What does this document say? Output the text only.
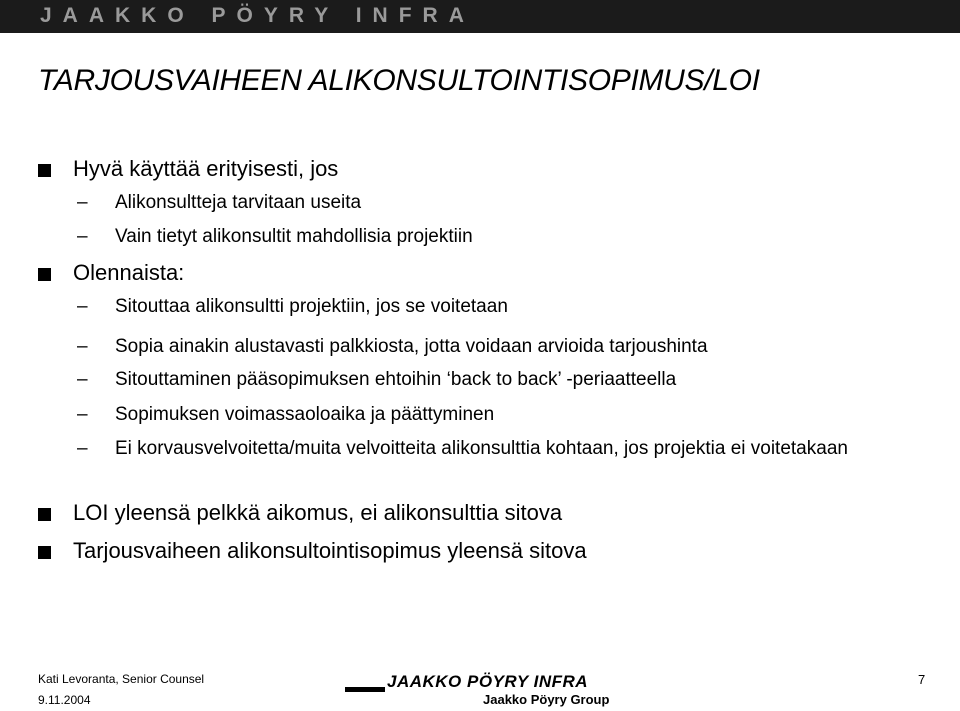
JAAKKO PÖYRY INFRA
TARJOUSVAIHEEN ALIKONSULTOINTISOPIMUS/LOI
Hyvä käyttää erityisesti, jos
– Alikonsultteja tarvitaan useita
– Vain tietyt alikonsultit mahdollisia projektiin
Olennaista:
– Sitouttaa alikonsultti projektiin, jos se voitetaan
– Sopia ainakin alustavasti palkkiosta, jotta voidaan arvioida tarjoushinta
– Sitouttaminen pääsopimuksen ehtoihin ‘back to back’ -periaatteella
– Sopimuksen voimassaoloaika ja päättyminen
– Ei korvausvelvoitetta/muita velvoitteita alikonsulttia kohtaan, jos projektia ei voitetakaan
LOI yleensä pelkkä aikomus, ei alikonsulttia sitova
Tarjousvaiheen alikonsultointisopimus yleensä sitova
Kati Levoranta, Senior Counsel
9.11.2004
JAAKKO PÖYRY INFRA
Jaakko Pöyry Group
7
